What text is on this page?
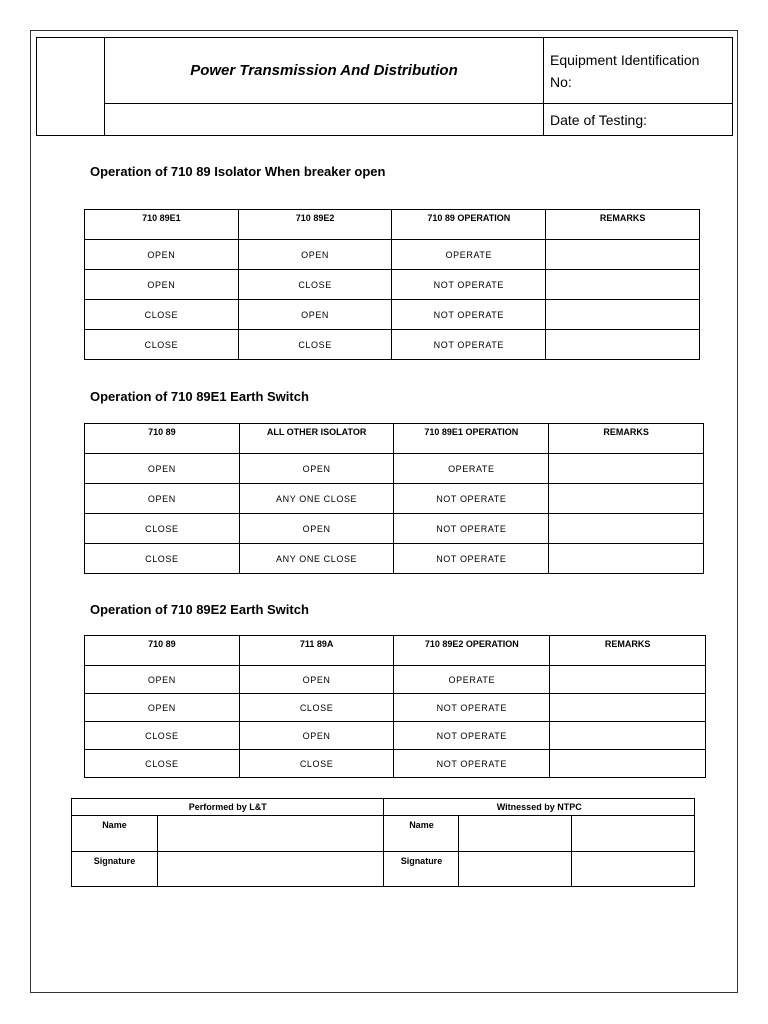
	Power Transmission And Distribution	Equipment Identification
No:
		Date of Testing:
Operation of 710 89 Isolator When breaker open
710 89E1	710 89E2	710 89 OPERATION	REMARKS
OPEN	OPEN	OPERATE	
OPEN	CLOSE	NOT OPERATE	
CLOSE	OPEN	NOT OPERATE	
CLOSE	CLOSE	NOT OPERATE	
Operation of 710 89E1 Earth Switch
710 89	ALL OTHER ISOLATOR	710 89E1 OPERATION	REMARKS
OPEN	OPEN	OPERATE	
OPEN	ANY ONE CLOSE	NOT OPERATE	
CLOSE	OPEN	NOT OPERATE	
CLOSE	ANY ONE CLOSE	NOT OPERATE	
Operation of 710 89E2 Earth Switch
710 89	711 89A	710 89E2 OPERATION	REMARKS
OPEN	OPEN	OPERATE	
OPEN	CLOSE	NOT OPERATE	
CLOSE	OPEN	NOT OPERATE	
CLOSE	CLOSE	NOT OPERATE	
Performed by L&T		Witnessed by NTPC		
Name		Name		
Signature		Signature		
